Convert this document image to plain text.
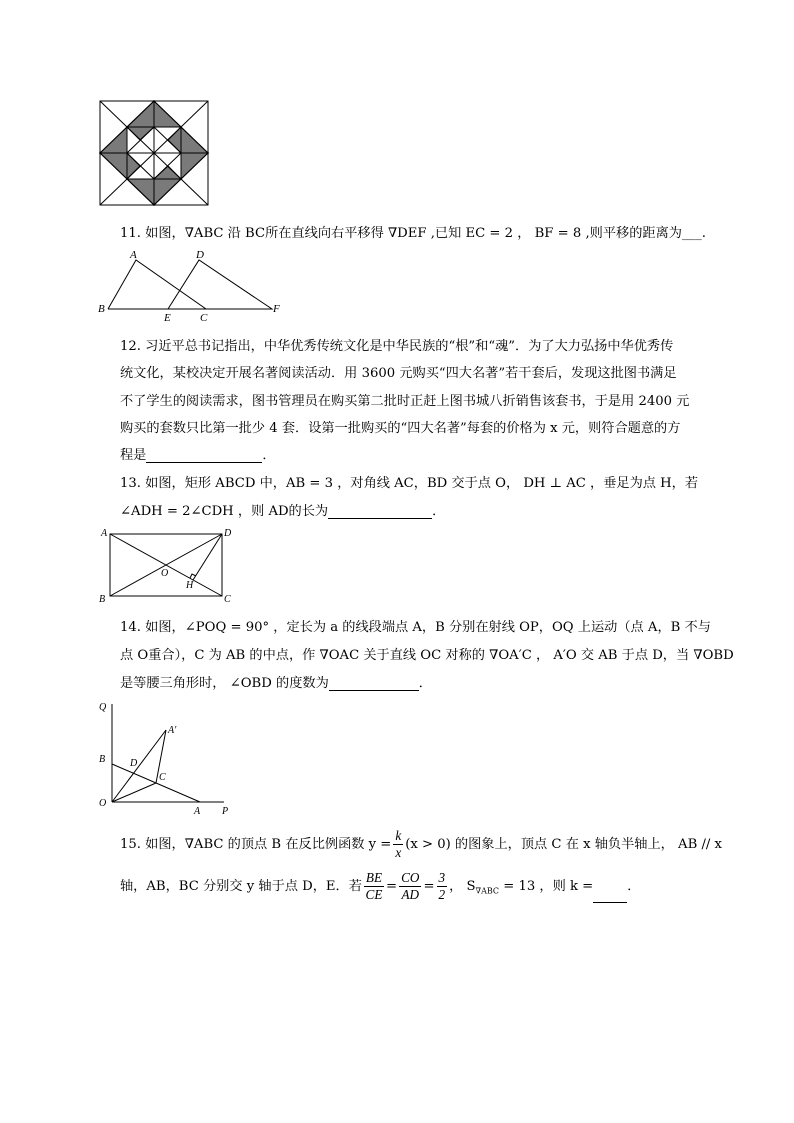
11. 如图，∇ABC 沿 BC所在直线向右平移得 ∇DEF ,已知 EC = 2 ， BF = 8 ,则平移的距离为___.
A
B
E	C
D
F
12. 习近平总书记指出，中华优秀传统文化是中华民族的“根”和“魂”．为了大力弘扬中华优秀传
统文化，某校决定开展名著阅读活动．用 3600 元购买“四大名著”若干套后，发现这批图书满足
不了学生的阅读需求，图书管理员在购买第二批时正赶上图书城八折销售该套书，于是用 2400 元
购买的套数只比第一批少 4 套．设第一批购买的“四大名著”每套的价格为 x 元，则符合题意的方
程是	．
13. 如图，矩形 ABCD 中，AB = 3 ，对角线 AC，BD 交于点 O， DH ⊥ AC ，垂足为点 H，若
∠ADH = 2∠CDH ，则 AD的长为	．
A	D
B	C
O
H
14. 如图，∠POQ = 90° ，定长为 a 的线段端点 A，B 分别在射线 OP，OQ 上运动（点 A，B 不与
点 O重合），C 为 AB 的中点，作 ∇OAC 关于直线 OC 对称的 ∇OA′C ， A′O 交 AB 于点 D，当 ∇OBD
是等腰三角形时， ∠OBD 的度数为	．
Q
B D
C
A′
O
A P
15. 如图，∇ABC 的顶点 B 在反比例函数 $y = \frac{k}{x} (x > 0)$ 的图象上，顶点 C 在 x 轴负半轴上， AB // x
轴，AB，BC 分别交 y 轴于点 D，E．若 $\frac{BE}{CE} = \frac{CO}{AD} = \frac{3}{2}$ ， $S_{\nabla ABC} = 13$ ，则 k =	．
